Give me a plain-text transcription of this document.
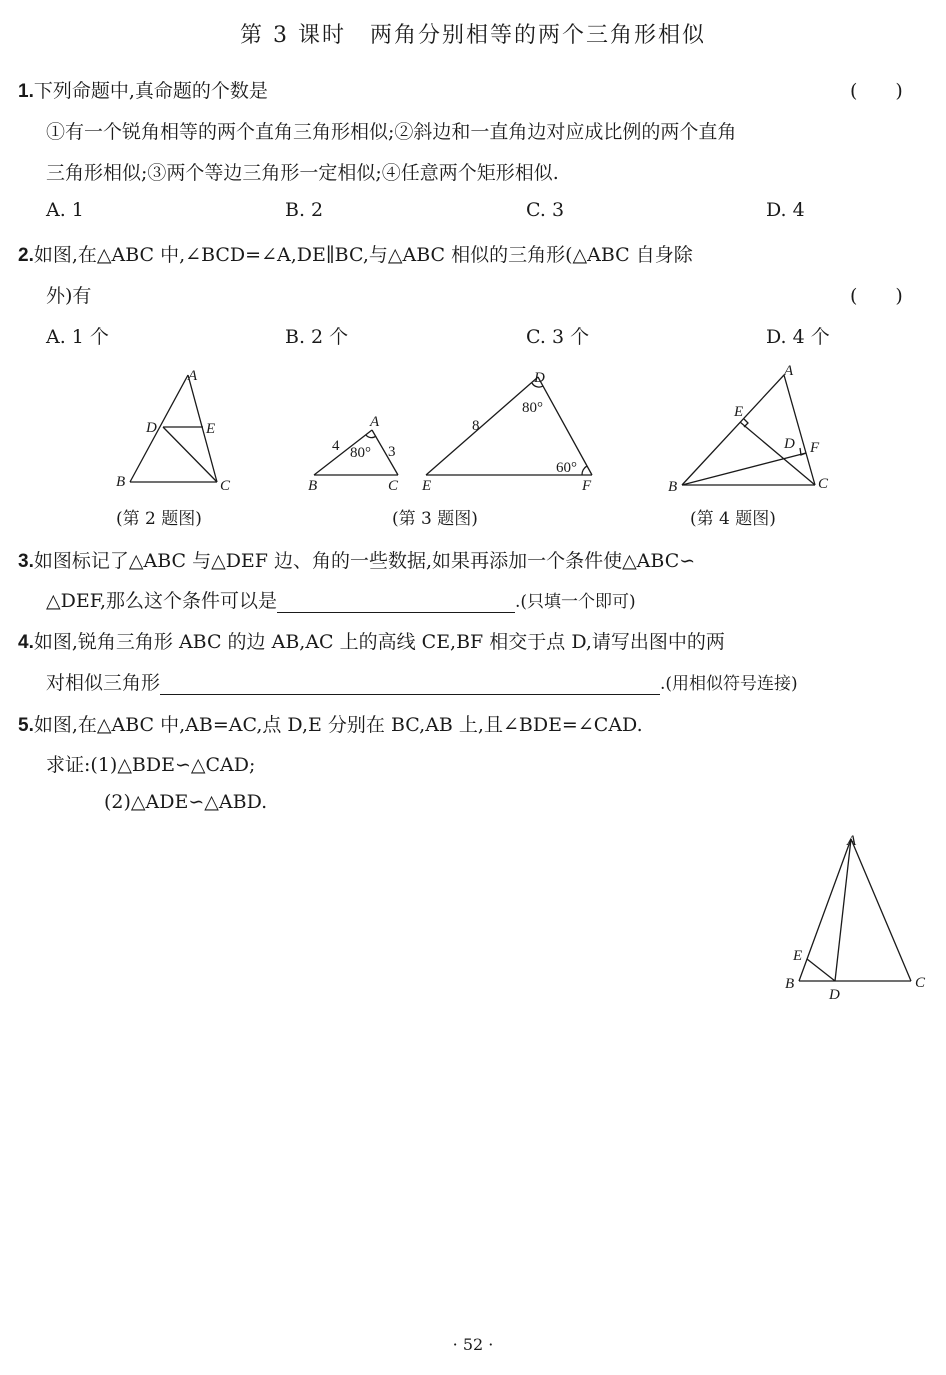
第 3 课时　两角分别相等的两个三角形相似
1.下列命题中,真命题的个数是	(　　)
①有一个锐角相等的两个直角三角形相似;②斜边和一直角边对应成比例的两个直角
三角形相似;③两个等边三角形一定相似;④任意两个矩形相似.
A. 1	B. 2	C. 3	D. 4
2.如图,在△ABC 中,∠BCD=∠A,DE∥BC,与△ABC 相似的三角形(△ABC 自身除
外)有	(　　)
A. 1 个	B. 2 个	C. 3 个	D. 4 个
A
D	E
B	C
(第 2 题图)
A
B	C
D
E	F
4	3
80°
8
80°
60°
(第 3 题图)
A
E
D F
B	C
(第 4 题图)
3.如图标记了△ABC 与△DEF 边、角的一些数据,如果再添加一个条件使△ABC∽
△DEF,那么这个条件可以是	.(只填一个即可)
4.如图,锐角三角形 ABC 的边 AB,AC 上的高线 CE,BF 相交于点 D,请写出图中的两
对相似三角形	.(用相似符号连接)
5.如图,在△ABC 中,AB=AC,点 D,E 分别在 BC,AB 上,且∠BDE=∠CAD.
求证:(1)△BDE∽△CAD;
(2)△ADE∽△ABD.
A
E
B
D
C
· 52 ·
